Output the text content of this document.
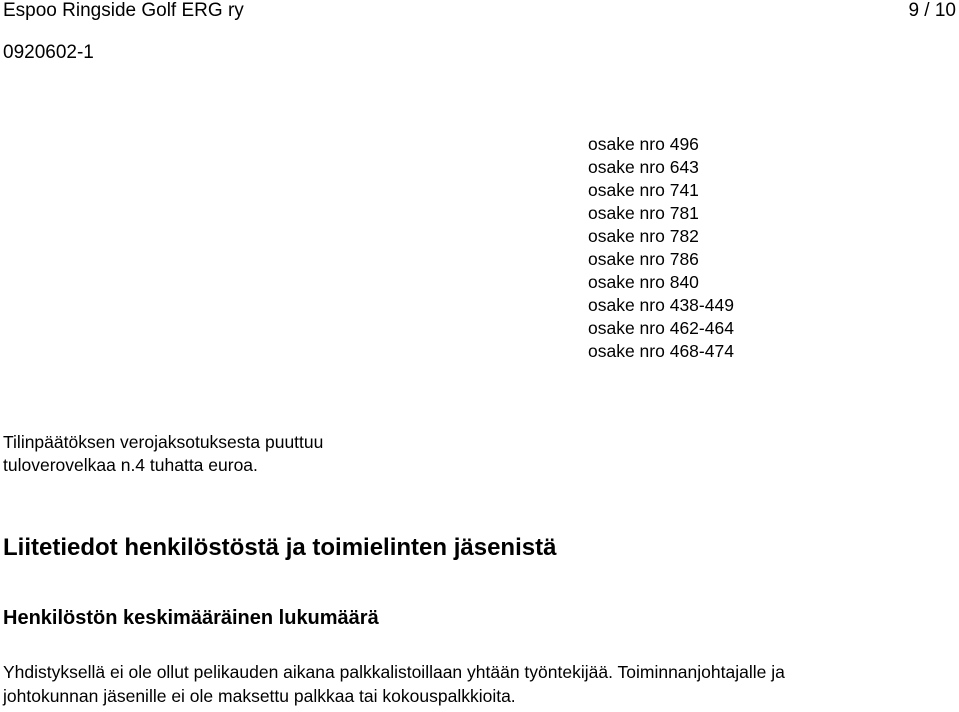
Espoo Ringside Golf ERG ry	9 / 10
0920602-1
osake nro 496
osake nro 643
osake nro 741
osake nro 781
osake nro 782
osake nro 786
osake nro 840
osake nro 438-449
osake nro 462-464
osake nro 468-474
Tilinpäätöksen verojaksotuksesta puuttuu
tuloverovelkaa n.4 tuhatta euroa.
Liitetiedot henkilöstöstä ja toimielinten jäsenistä
Henkilöstön keskimääräinen lukumäärä
Yhdistyksellä ei ole ollut pelikauden aikana palkkalistoillaan yhtään työntekijää. Toiminnanjohtajalle ja
johtokunnan jäsenille ei ole maksettu palkkaa tai kokouspalkkioita.
